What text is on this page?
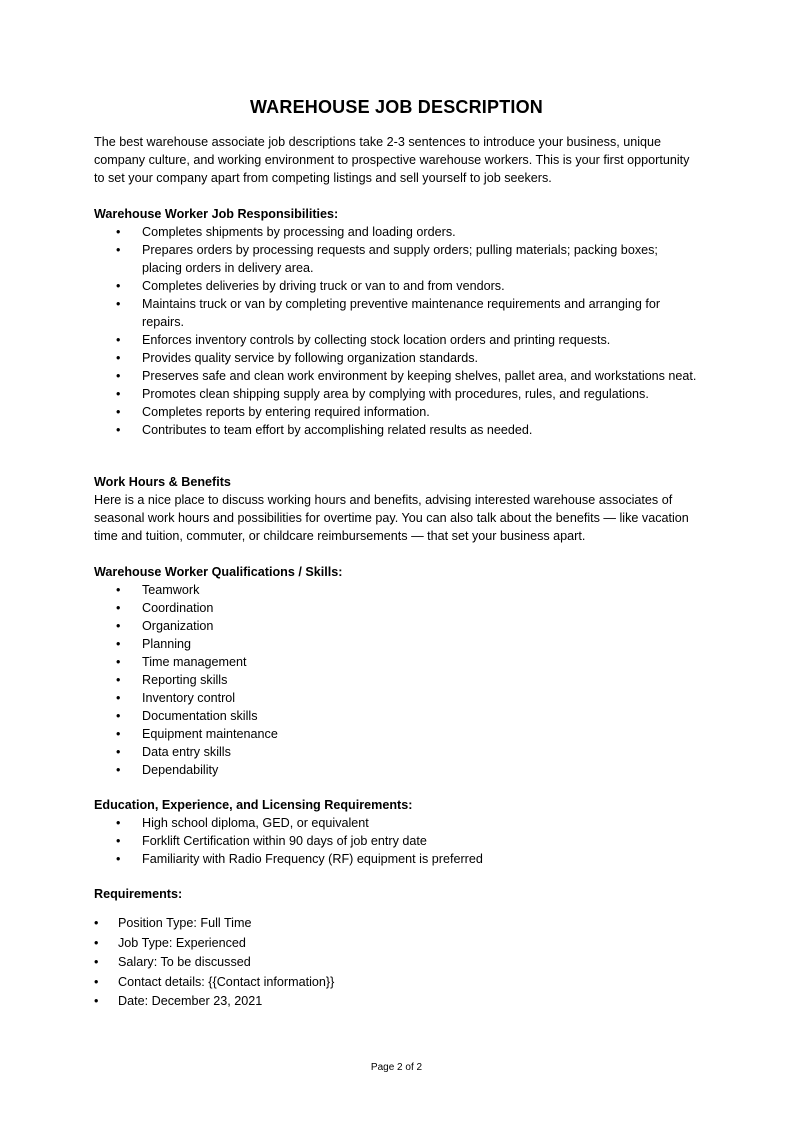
WAREHOUSE JOB DESCRIPTION
The best warehouse associate job descriptions take 2-3 sentences to introduce your business, unique company culture, and working environment to prospective warehouse workers. This is your first opportunity to set your company apart from competing listings and sell yourself to job seekers.
Warehouse Worker Job Responsibilities:
• Completes shipments by processing and loading orders.
• Prepares orders by processing requests and supply orders; pulling materials; packing boxes; placing orders in delivery area.
• Completes deliveries by driving truck or van to and from vendors.
• Maintains truck or van by completing preventive maintenance requirements and arranging for repairs.
• Enforces inventory controls by collecting stock location orders and printing requests.
• Provides quality service by following organization standards.
• Preserves safe and clean work environment by keeping shelves, pallet area, and workstations neat.
• Promotes clean shipping supply area by complying with procedures, rules, and regulations.
• Completes reports by entering required information.
• Contributes to team effort by accomplishing related results as needed.
Work Hours & Benefits
Here is a nice place to discuss working hours and benefits, advising interested warehouse associates of seasonal work hours and possibilities for overtime pay. You can also talk about the benefits — like vacation time and tuition, commuter, or childcare reimbursements — that set your business apart.
Warehouse Worker Qualifications / Skills:
• Teamwork
• Coordination
• Organization
• Planning
• Time management
• Reporting skills
• Inventory control
• Documentation skills
• Equipment maintenance
• Data entry skills
• Dependability
Education, Experience, and Licensing Requirements:
• High school diploma, GED, or equivalent
• Forklift Certification within 90 days of job entry date
• Familiarity with Radio Frequency (RF) equipment is preferred
Requirements:
• Position Type: Full Time
• Job Type: Experienced
• Salary: To be discussed
• Contact details: {{Contact information}}
• Date: December 23, 2021
Page 2 of 2
